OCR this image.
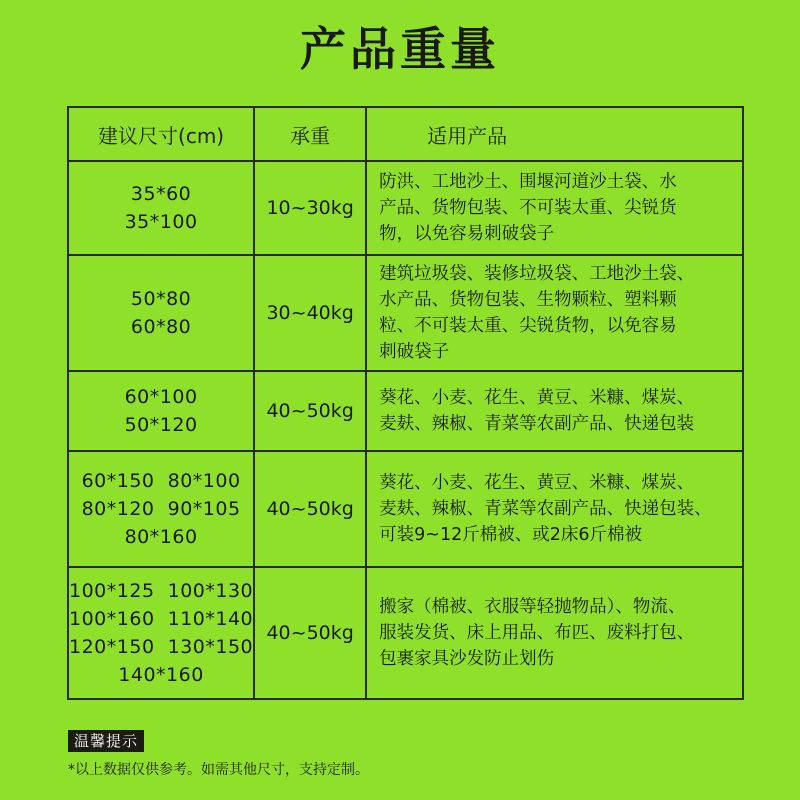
产品重量
建议尺寸(cm)	承重	适用产品

35*60
35*100	10~30kg	防洪、工地沙土、围堰河道沙土袋、水
产品、货物包装、不可装太重、尖锐货
物，以免容易刺破袋子

50*80
60*80	30~40kg	建筑垃圾袋、装修垃圾袋、工地沙土袋、
水产品、货物包装、生物颗粒、塑料颗
粒、不可装太重、尖锐货物，以免容易
刺破袋子

60*100
50*120	40~50kg	葵花、小麦、花生、黄豆、米糠、煤炭、
麦麸、辣椒、青菜等农副产品、快递包装

60*150  80*100
80*120  90*105
80*160	40~50kg	葵花、小麦、花生、黄豆、米糠、煤炭、
麦麸、辣椒、青菜等农副产品、快递包装、
可装9~12斤棉被、或2床6斤棉被

100*125  100*130
100*160  110*140
120*150  130*150
140*160	40~50kg	搬家（棉被、衣服等轻抛物品）、物流、
服装发货、床上用品、布匹、废料打包、
包裹家具沙发防止划伤
温馨提示
*以上数据仅供参考。如需其他尺寸，支持定制。
